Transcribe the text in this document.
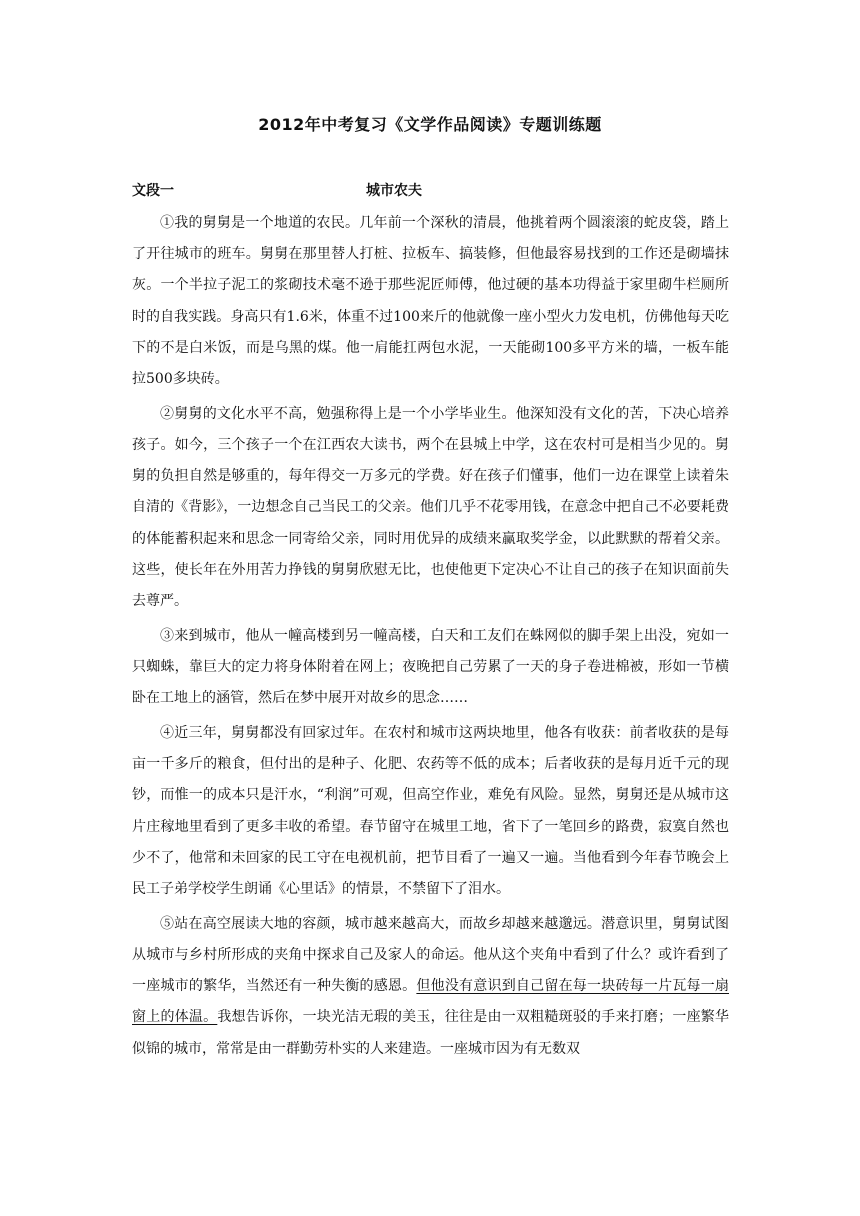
2012年中考复习《文学作品阅读》专题训练题
文段一	城市农夫

①我的舅舅是一个地道的农民。几年前一个深秋的清晨，他挑着两个圆滚滚的蛇皮袋，踏上了开往城市的班车。舅舅在那里替人打桩、拉板车、搞装修，但他最容易找到的工作还是砌墙抹灰。一个半拉子泥工的浆砌技术毫不逊于那些泥匠师傅，他过硬的基本功得益于家里砌牛栏厕所时的自我实践。身高只有1.6米，体重不过100来斤的他就像一座小型火力发电机，仿佛他每天吃下的不是白米饭，而是乌黑的煤。他一肩能扛两包水泥，一天能砌100多平方米的墙，一板车能拉500多块砖。

②舅舅的文化水平不高，勉强称得上是一个小学毕业生。他深知没有文化的苦，下决心培养孩子。如今，三个孩子一个在江西农大读书，两个在县城上中学，这在农村可是相当少见的。舅舅的负担自然是够重的，每年得交一万多元的学费。好在孩子们懂事，他们一边在课堂上读着朱自清的《背影》，一边想念自己当民工的父亲。他们几乎不花零用钱，在意念中把自己不必要耗费的体能蓄积起来和思念一同寄给父亲，同时用优异的成绩来赢取奖学金，以此默默的帮着父亲。这些，使长年在外用苦力挣钱的舅舅欣慰无比，也使他更下定决心不让自己的孩子在知识面前失去尊严。

③来到城市，他从一幢高楼到另一幢高楼，白天和工友们在蛛网似的脚手架上出没，宛如一只蜘蛛，靠巨大的定力将身体附着在网上；夜晚把自己劳累了一天的身子卷进棉被，形如一节横卧在工地上的涵管，然后在梦中展开对故乡的思念……

④近三年，舅舅都没有回家过年。在农村和城市这两块地里，他各有收获：前者收获的是每亩一千多斤的粮食，但付出的是种子、化肥、农药等不低的成本；后者收获的是每月近千元的现钞，而惟一的成本只是汗水，“利润”可观，但高空作业，难免有风险。显然，舅舅还是从城市这片庄稼地里看到了更多丰收的希望。春节留守在城里工地，省下了一笔回乡的路费，寂寞自然也少不了，他常和未回家的民工守在电视机前，把节目看了一遍又一遍。当他看到今年春节晚会上民工子弟学校学生朗诵《心里话》的情景，不禁留下了泪水。

⑤站在高空展读大地的容颜，城市越来越高大，而故乡却越来越邈远。潜意识里，舅舅试图从城市与乡村所形成的夹角中探求自己及家人的命运。他从这个夹角中看到了什么？或许看到了一座城市的繁华，当然还有一种失衡的感恩。但他没有意识到自己留在每一块砖每一片瓦每一扇窗上的体温。我想告诉你，一块光洁无瑕的美玉，往往是由一双粗糙斑驳的手来打磨；一座繁华似锦的城市，常常是由一群勤劳朴实的人来建造。一座城市因为有无数双
